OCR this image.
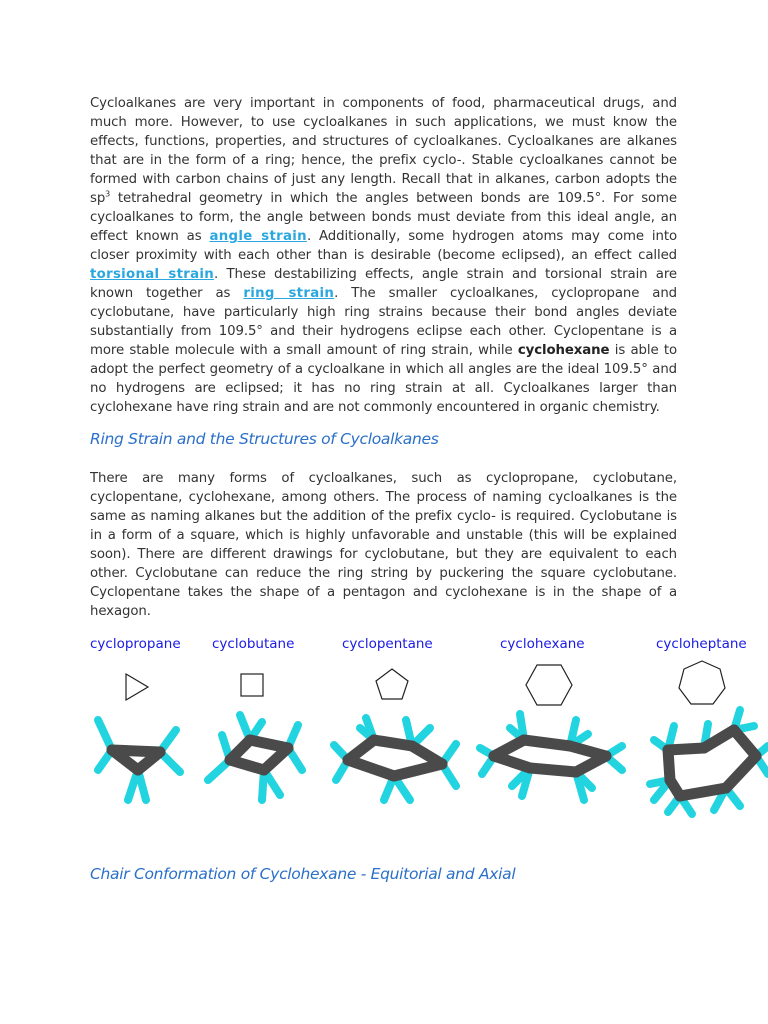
Cycloalkanes are very important in components of food, pharmaceutical drugs, and much more. However, to use cycloalkanes in such applications, we must know the effects, functions, properties, and structures of cycloalkanes. Cycloalkanes are alkanes that are in the form of a ring; hence, the prefix cyclo-. Stable cycloalkanes cannot be formed with carbon chains of just any length. Recall that in alkanes, carbon adopts the $sp^3$ tetrahedral geometry in which the angles between bonds are 109.5°. For some cycloalkanes to form, the angle between bonds must deviate from this ideal angle, an effect known as angle strain. Additionally, some hydrogen atoms may come into closer proximity with each other than is desirable (become eclipsed), an effect called torsional strain. These destabilizing effects, angle strain and torsional strain are known together as ring strain. The smaller cycloalkanes, cyclopropane and cyclobutane, have particularly high ring strains because their bond angles deviate substantially from 109.5° and their hydrogens eclipse each other. Cyclopentane is a more stable molecule with a small amount of ring strain, while cyclohexane is able to adopt the perfect geometry of a cycloalkane in which all angles are the ideal 109.5° and no hydrogens are eclipsed; it has no ring strain at all. Cycloalkanes larger than cyclohexane have ring strain and are not commonly encountered in organic chemistry.
Ring Strain and the Structures of Cycloalkanes
There are many forms of cycloalkanes, such as cyclopropane, cyclobutane, cyclopentane, cyclohexane, among others. The process of naming cycloalkanes is the same as naming alkanes but the addition of the prefix cyclo- is required. Cyclobutane is in a form of a square, which is highly unfavorable and unstable (this will be explained soon). There are different drawings for cyclobutane, but they are equivalent to each other. Cyclobutane can reduce the ring string by puckering the square cyclobutane. Cyclopentane takes the shape of a pentagon and cyclohexane is in the shape of a hexagon.
cyclopropane cyclobutane	cyclopentane	cyclohexane	cycloheptane
Chair Conformation of Cyclohexane - Equitorial and Axial
